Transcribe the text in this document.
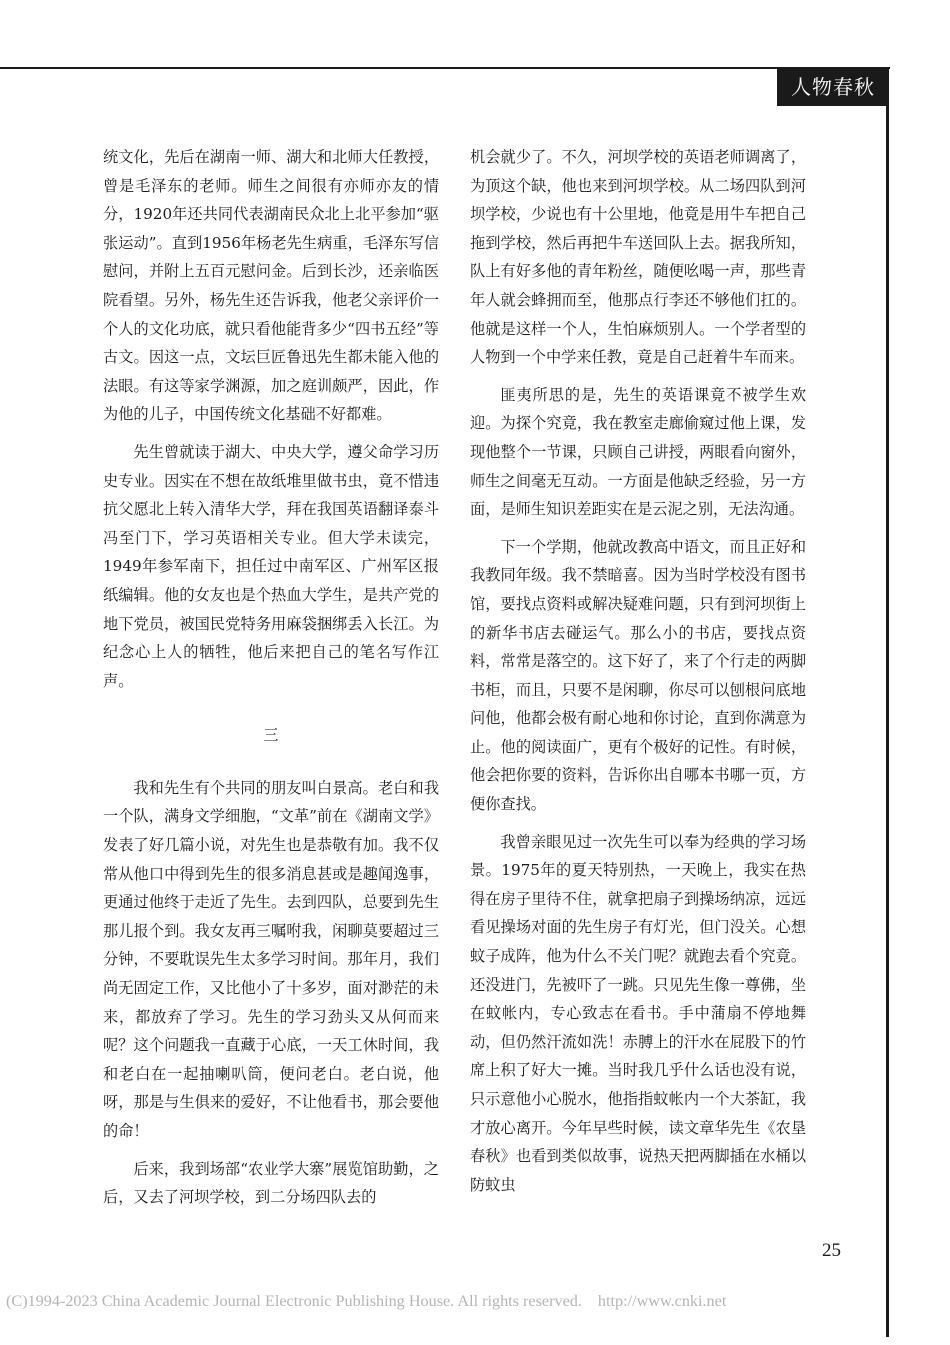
人物春秋

统文化，先后在湖南一师、湖大和北师大任教授，曾是毛泽东的老师。师生之间很有亦师亦友的情分，1920年还共同代表湖南民众北上北平参加“驱张运动”。直到1956年杨老先生病重，毛泽东写信慰问，并附上五百元慰问金。后到长沙，还亲临医院看望。另外，杨先生还告诉我，他老父亲评价一个人的文化功底，就只看他能背多少“四书五经”等古文。因这一点，文坛巨匠鲁迅先生都未能入他的法眼。有这等家学渊源，加之庭训颇严，因此，作为他的儿子，中国传统文化基础不好都难。

先生曾就读于湖大、中央大学，遵父命学习历史专业。因实在不想在故纸堆里做书虫，竟不惜违抗父愿北上转入清华大学，拜在我国英语翻译泰斗冯至门下，学习英语相关专业。但大学未读完，1949年参军南下，担任过中南军区、广州军区报纸编辑。他的女友也是个热血大学生，是共产党的地下党员，被国民党特务用麻袋捆绑丢入长江。为纪念心上人的牺牲，他后来把自己的笔名写作江声。

三

我和先生有个共同的朋友叫白景高。老白和我一个队，满身文学细胞，“文革”前在《湖南文学》发表了好几篇小说，对先生也是恭敬有加。我不仅常从他口中得到先生的很多消息甚或是趣闻逸事，更通过他终于走近了先生。去到四队，总要到先生那儿报个到。我女友再三嘱咐我，闲聊莫要超过三分钟，不要耽误先生太多学习时间。那年月，我们尚无固定工作，又比他小了十多岁，面对渺茫的未来，都放弃了学习。先生的学习劲头又从何而来呢？这个问题我一直藏于心底，一天工休时间，我和老白在一起抽喇叭筒，便问老白。老白说，他呀，那是与生俱来的爱好，不让他看书，那会要他的命！

后来，我到场部“农业学大寨”展览馆助勤，之后，又去了河坝学校，到二分场四队去的

机会就少了。不久，河坝学校的英语老师调离了，为顶这个缺，他也来到河坝学校。从二场四队到河坝学校，少说也有十公里地，他竟是用牛车把自己拖到学校，然后再把牛车送回队上去。据我所知，队上有好多他的青年粉丝，随便吆喝一声，那些青年人就会蜂拥而至，他那点行李还不够他们扛的。他就是这样一个人，生怕麻烦别人。一个学者型的人物到一个中学来任教，竟是自己赶着牛车而来。

匪夷所思的是，先生的英语课竟不被学生欢迎。为探个究竟，我在教室走廊偷窥过他上课，发现他整个一节课，只顾自己讲授，两眼看向窗外，师生之间毫无互动。一方面是他缺乏经验，另一方面，是师生知识差距实在是云泥之别，无法沟通。

下一个学期，他就改教高中语文，而且正好和我教同年级。我不禁暗喜。因为当时学校没有图书馆，要找点资料或解决疑难问题，只有到河坝街上的新华书店去碰运气。那么小的书店，要找点资料，常常是落空的。这下好了，来了个行走的两脚书柜，而且，只要不是闲聊，你尽可以刨根问底地问他，他都会极有耐心地和你讨论，直到你满意为止。他的阅读面广，更有个极好的记性。有时候，他会把你要的资料，告诉你出自哪本书哪一页，方便你查找。

我曾亲眼见过一次先生可以奉为经典的学习场景。1975年的夏天特别热，一天晚上，我实在热得在房子里待不住，就拿把扇子到操场纳凉，远远看见操场对面的先生房子有灯光，但门没关。心想蚊子成阵，他为什么不关门呢？就跑去看个究竟。还没进门，先被吓了一跳。只见先生像一尊佛，坐在蚊帐内，专心致志在看书。手中蒲扇不停地舞动，但仍然汗流如洗！赤膊上的汗水在屁股下的竹席上积了好大一摊。当时我几乎什么话也没有说，只示意他小心脱水，他指指蚊帐内一个大茶缸，我才放心离开。今年早些时候，读文章华先生《农垦春秋》也看到类似故事，说热天把两脚插在水桶以防蚊虫

25
(C)1994-2023 China Academic Journal Electronic Publishing House. All rights reserved. http://www.cnki.net
